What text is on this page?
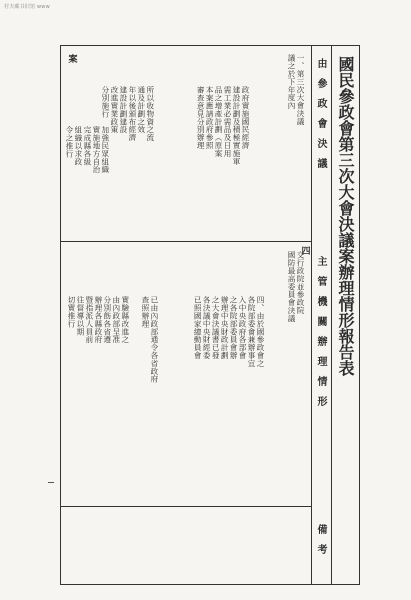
村夫藏书旧馆 www
國民參政會第三次大會決議案辦理情形報告表
由參政會決議
主管機關辦理情形
備考
案
四
一、第三次大會決議
議之於下年度內
政府實施國民經濟
建設計劃及積極實施軍
需工業必需品及日用
品之增產計劃（原案
本案應請政府參照
審查意見分別辦理
所以收物資之流
通及計劃之效
年以後頒布經濟
建設計劃建設
改進實業政策
分別施行
加強民眾組織
實施地方自治
完成縣各級
組織以求政
令之推行
交行政院並參政院
國防最高委員會決議
四、由於國參政會之
各院部委會兼辦事宜
入中央政府各部會
之各院部委員會辦
辦理中央財政計劃
之大會決議書已發
各決議中央財經委
已照國家總動員會
已由內政部通令各省政府
查照辦理
實驗縣改進之
由內政部呈准
分別飭各省遵
辦理各縣政府
暨指派人員前
往督導以期
切實推行
